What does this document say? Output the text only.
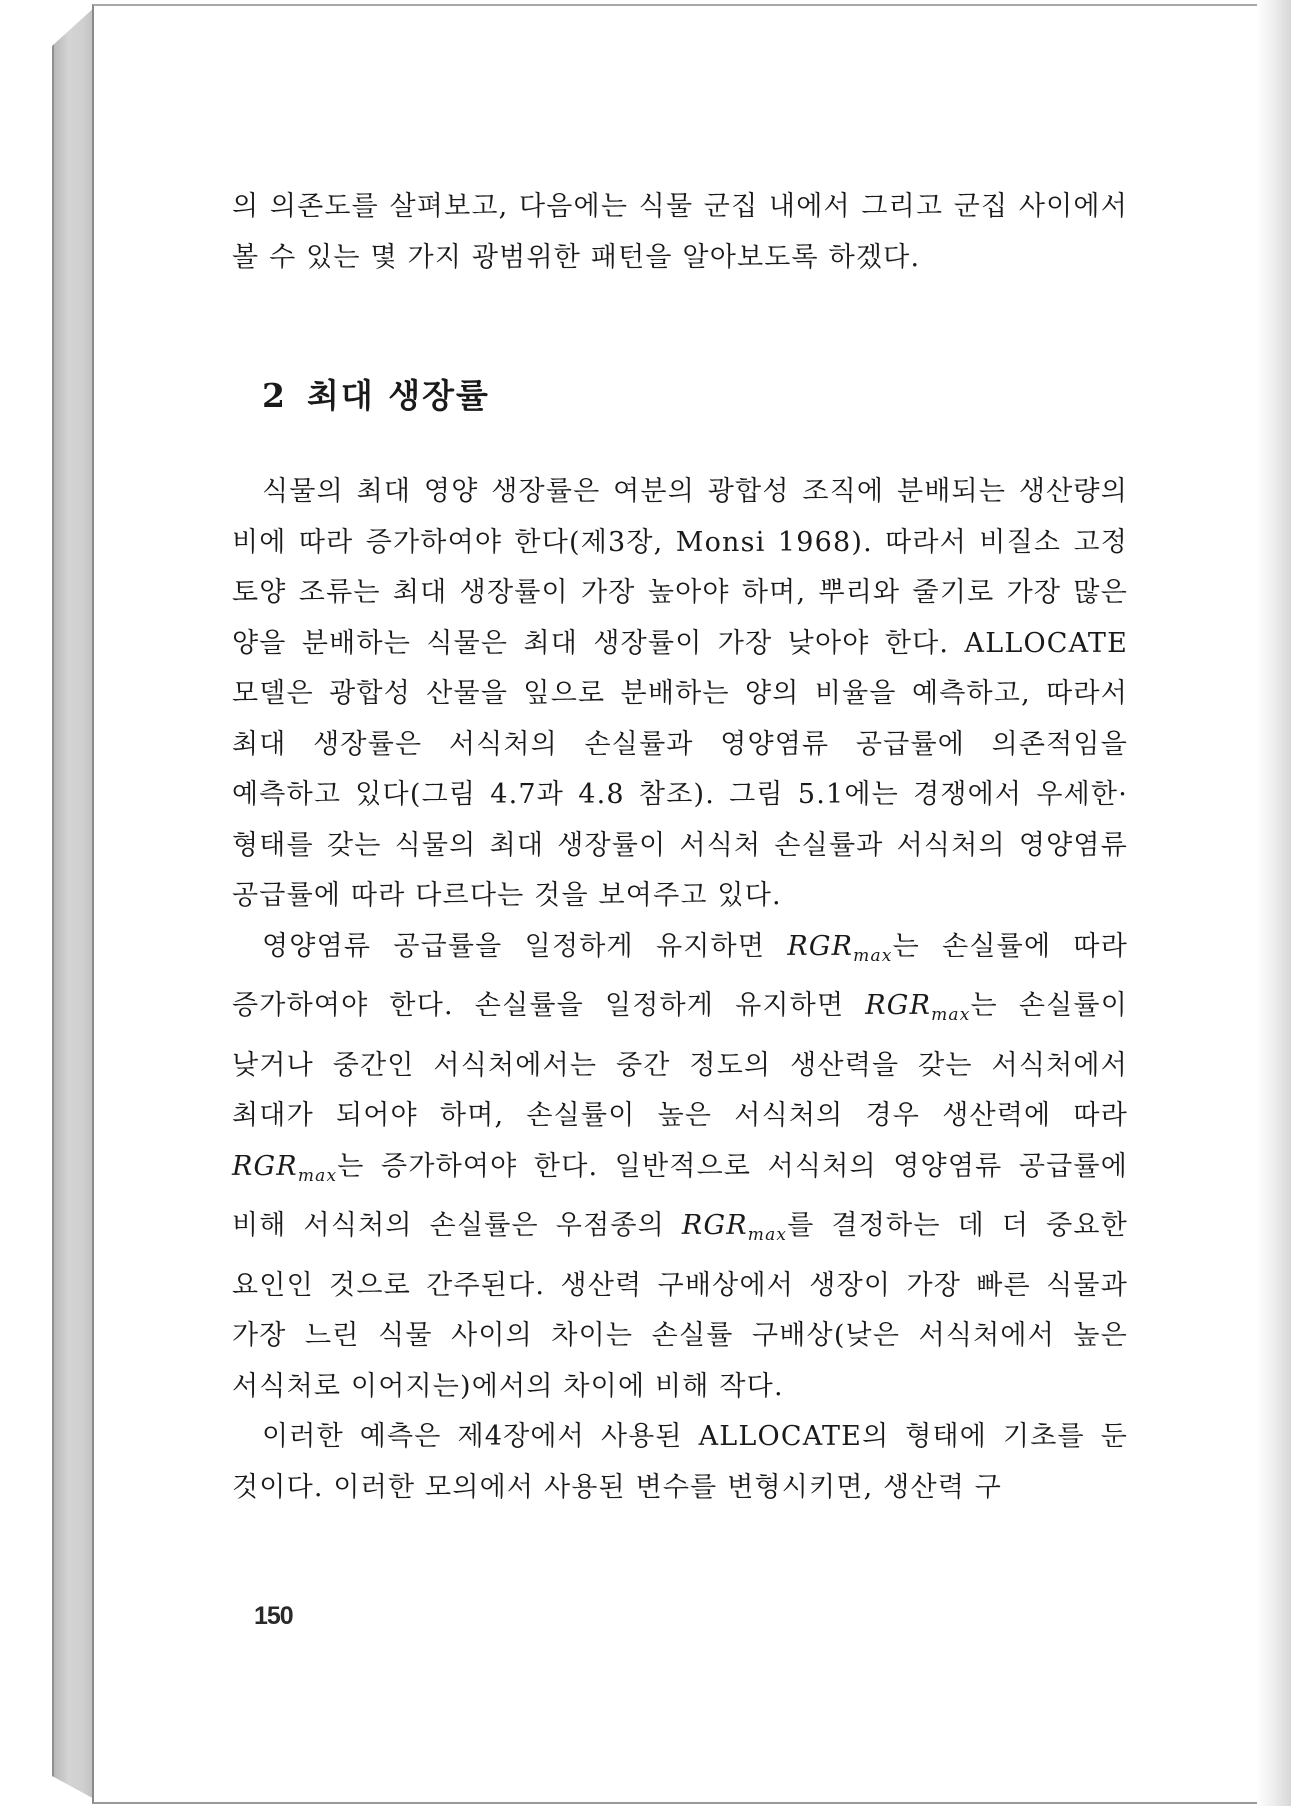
의 의존도를 살펴보고, 다음에는 식물 군집 내에서 그리고 군집 사이에서 볼 수 있는 몇 가지 광범위한 패턴을 알아보도록 하겠다.

2 최대 생장률

식물의 최대 영양 생장률은 여분의 광합성 조직에 분배되는 생산량의 비에 따라 증가하여야 한다(제3장, Monsi 1968). 따라서 비질소 고정 토양 조류는 최대 생장률이 가장 높아야 하며, 뿌리와 줄기로 가장 많은 양을 분배하는 식물은 최대 생장률이 가장 낮아야 한다. ALLOCATE 모델은 광합성 산물을 잎으로 분배하는 양의 비율을 예측하고, 따라서 최대 생장률은 서식처의 손실률과 영양염류 공급률에 의존적임을 예측하고 있다(그림 4.7과 4.8 참조). 그림 5.1에는 경쟁에서 우세한·형태를 갖는 식물의 최대 생장률이 서식처 손실률과 서식처의 영양염류 공급률에 따라 다르다는 것을 보여주고 있다.

영양염류 공급률을 일정하게 유지하면 $RGR_{max}$는 손실률에 따라 증가하여야 한다. 손실률을 일정하게 유지하면 $RGR_{max}$는 손실률이 낮거나 중간인 서식처에서는 중간 정도의 생산력을 갖는 서식처에서 최대가 되어야 하며, 손실률이 높은 서식처의 경우 생산력에 따라 $RGR_{max}$는 증가하여야 한다. 일반적으로 서식처의 영양염류 공급률에 비해 서식처의 손실률은 우점종의 $RGR_{max}$를 결정하는 데 더 중요한 요인인 것으로 간주된다. 생산력 구배상에서 생장이 가장 빠른 식물과 가장 느린 식물 사이의 차이는 손실률 구배상(낮은 서식처에서 높은 서식처로 이어지는)에서의 차이에 비해 작다.

이러한 예측은 제4장에서 사용된 ALLOCATE의 형태에 기초를 둔 것이다. 이러한 모의에서 사용된 변수를 변형시키면, 생산력 구

150
